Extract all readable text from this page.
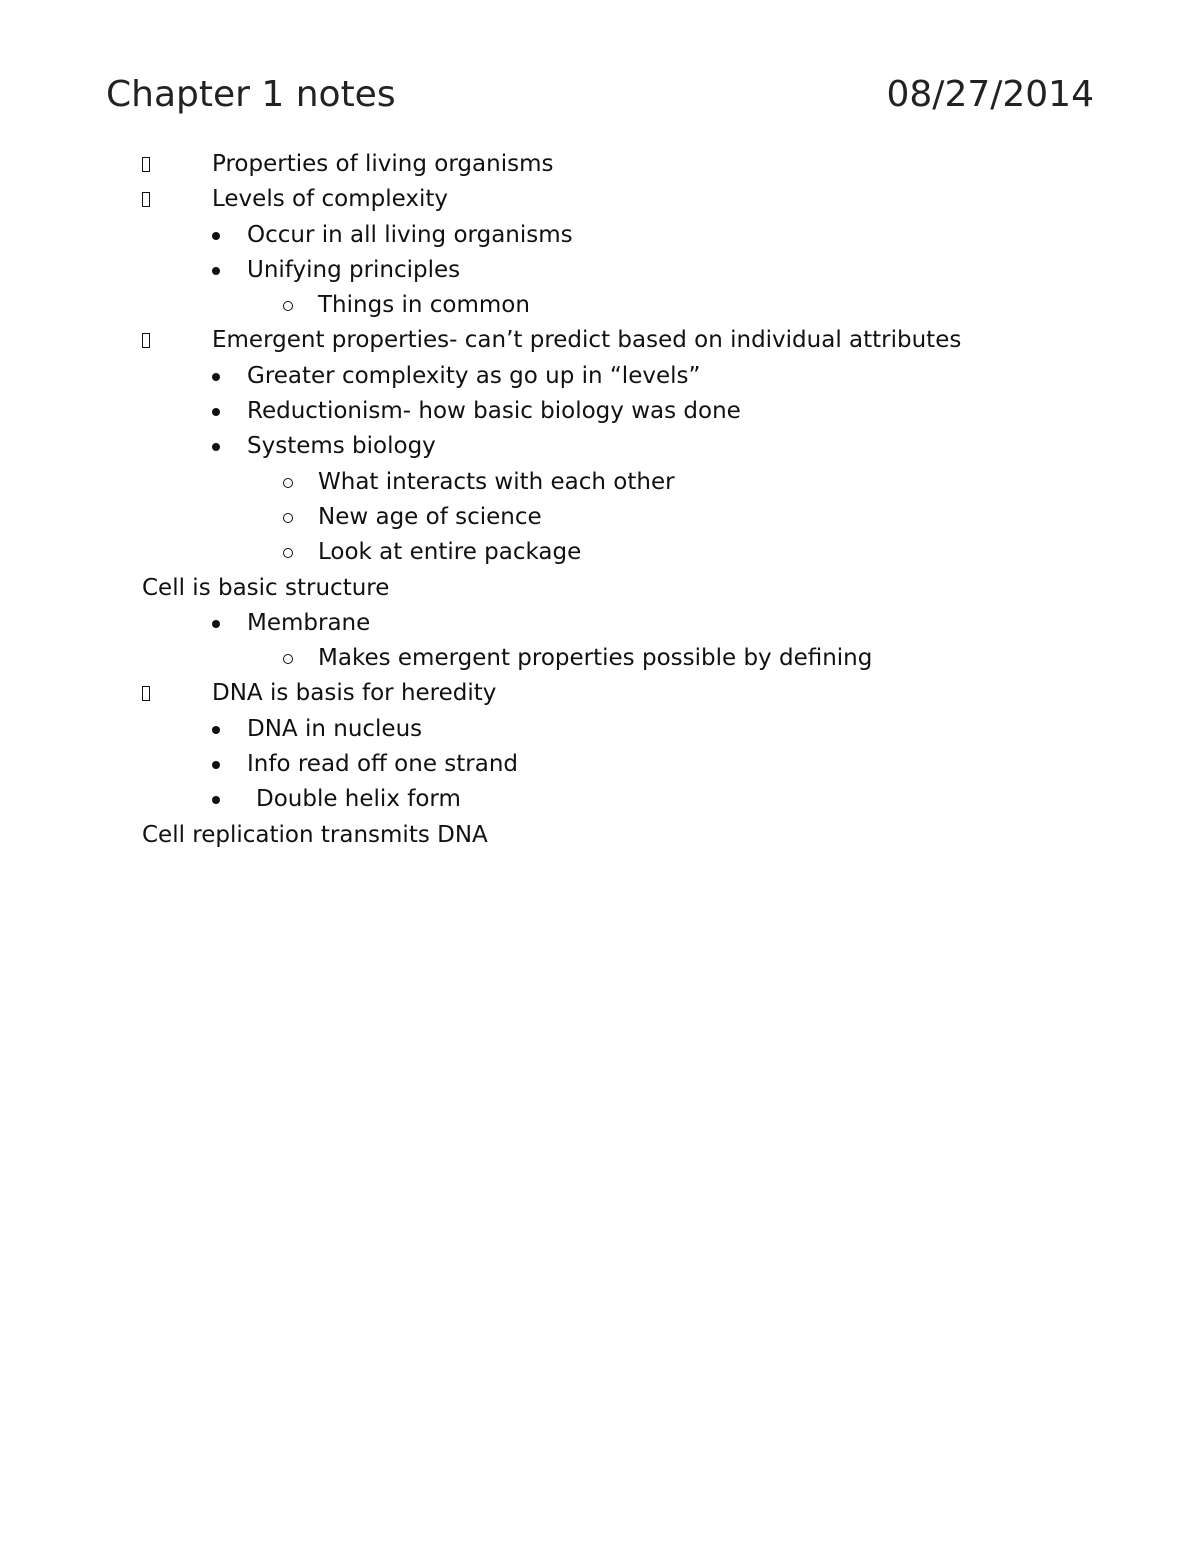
Chapter 1 notes	08/27/2014
Properties of living organisms
Levels of complexity
Occur in all living organisms
Unifying principles
Things in common
Emergent properties- can’t predict based on individual attributes
Greater complexity as go up in “levels”
Reductionism- how basic biology was done
Systems biology
What interacts with each other
New age of science
Look at entire package
Cell is basic structure
Membrane
Makes emergent properties possible by defining
DNA is basis for heredity
DNA in nucleus
Info read off one strand
Double helix form
Cell replication transmits DNA
